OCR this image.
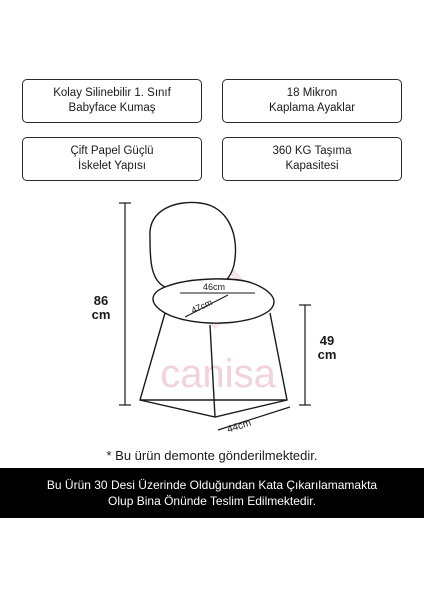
Kolay Silinebilir 1. Sınıf
Babyface Kumaş
18 Mikron
Kaplama Ayaklar
Çift Papel Güçlü
İskelet Yapısı
360 KG Taşıma
Kapasitesi
canisa
86
cm
49
cm
46cm
47cm
44cm
* Bu ürün demonte gönderilmektedir.
Bu Ürün 30 Desi Üzerinde Olduğundan Kata Çıkarılamamakta
Olup Bina Önünde Teslim Edilmektedir.
